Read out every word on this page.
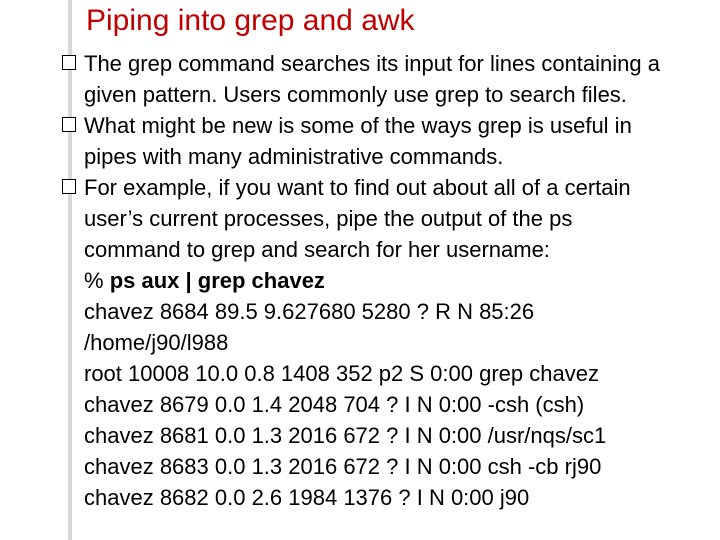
Piping into grep and awk
The grep command searches its input for lines containing a
given pattern. Users commonly use grep to search files.
What might be new is some of the ways grep is useful in
pipes with many administrative commands.
For example, if you want to find out about all of a certain
user’s current processes, pipe the output of the ps
command to grep and search for her username:
% ps aux | grep chavez
chavez 8684 89.5 9.627680 5280 ? R N 85:26
/home/j90/l988
root 10008 10.0 0.8 1408 352 p2 S 0:00 grep chavez
chavez 8679 0.0 1.4 2048 704 ? I N 0:00 -csh (csh)
chavez 8681 0.0 1.3 2016 672 ? I N 0:00 /usr/nqs/sc1
chavez 8683 0.0 1.3 2016 672 ? I N 0:00 csh -cb rj90
chavez 8682 0.0 2.6 1984 1376 ? I N 0:00 j90
